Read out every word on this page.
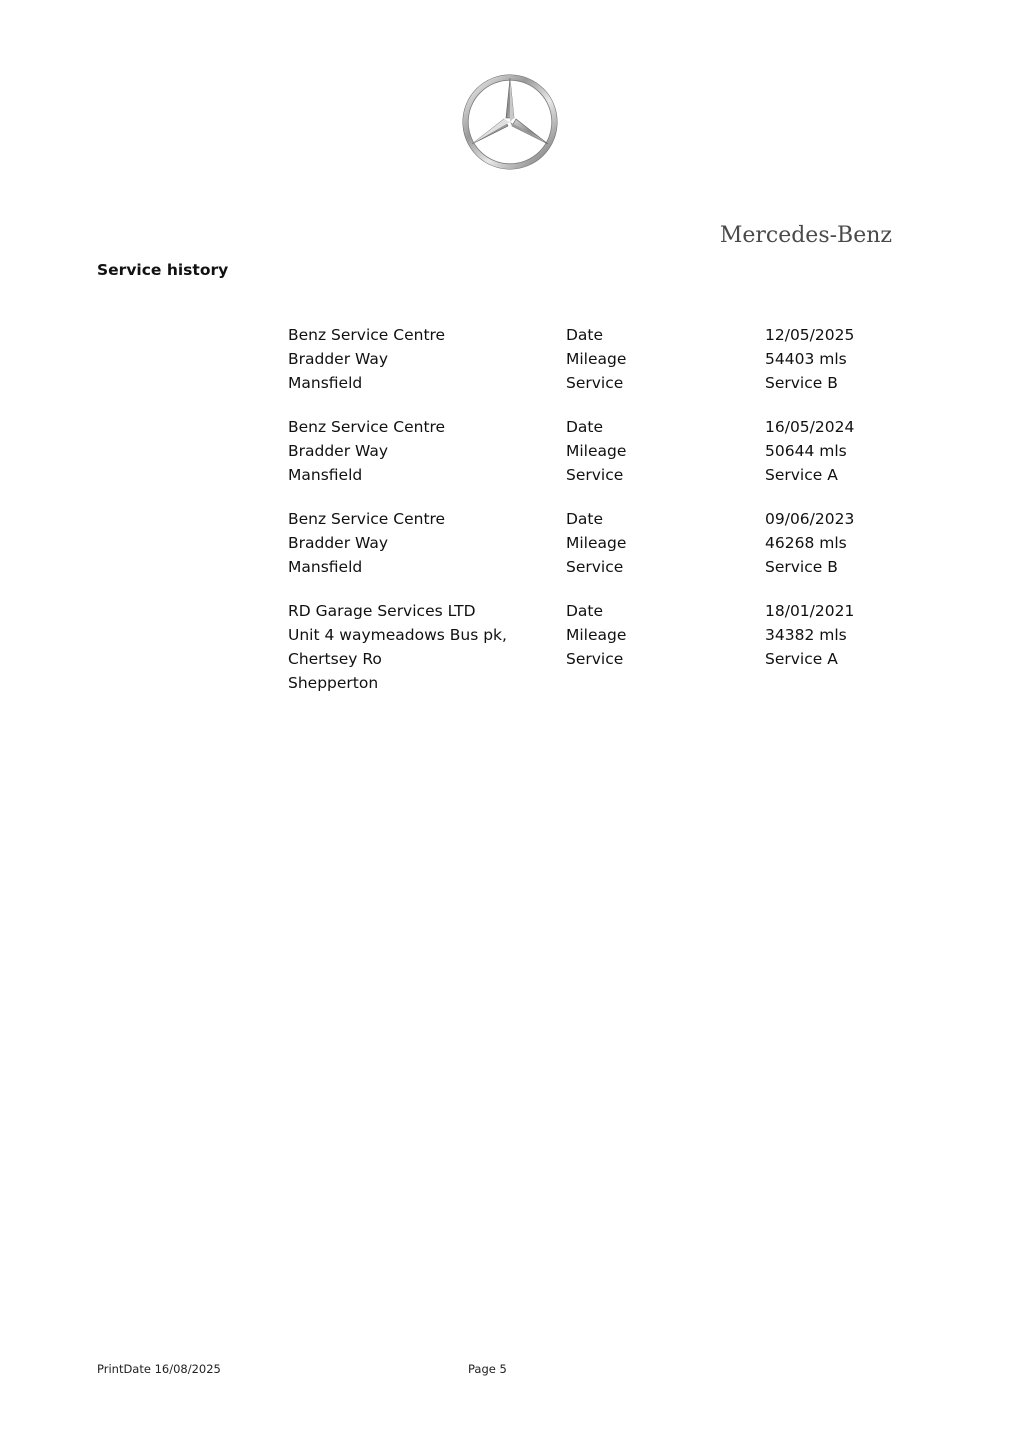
Mercedes-Benz
Service history
Benz Service Centre	Date	12/05/2025
Bradder Way	Mileage	54403 mls
Mansfield	Service	Service B
Benz Service Centre	Date	16/05/2024
Bradder Way	Mileage	50644 mls
Mansfield	Service	Service A
Benz Service Centre	Date	09/06/2023
Bradder Way	Mileage	46268 mls
Mansfield	Service	Service B
RD Garage Services LTD	Date	18/01/2021
Unit 4 waymeadows Bus pk,	Mileage	34382 mls
Chertsey Ro	Service	Service A
Shepperton
PrintDate 16/08/2025	Page 5
